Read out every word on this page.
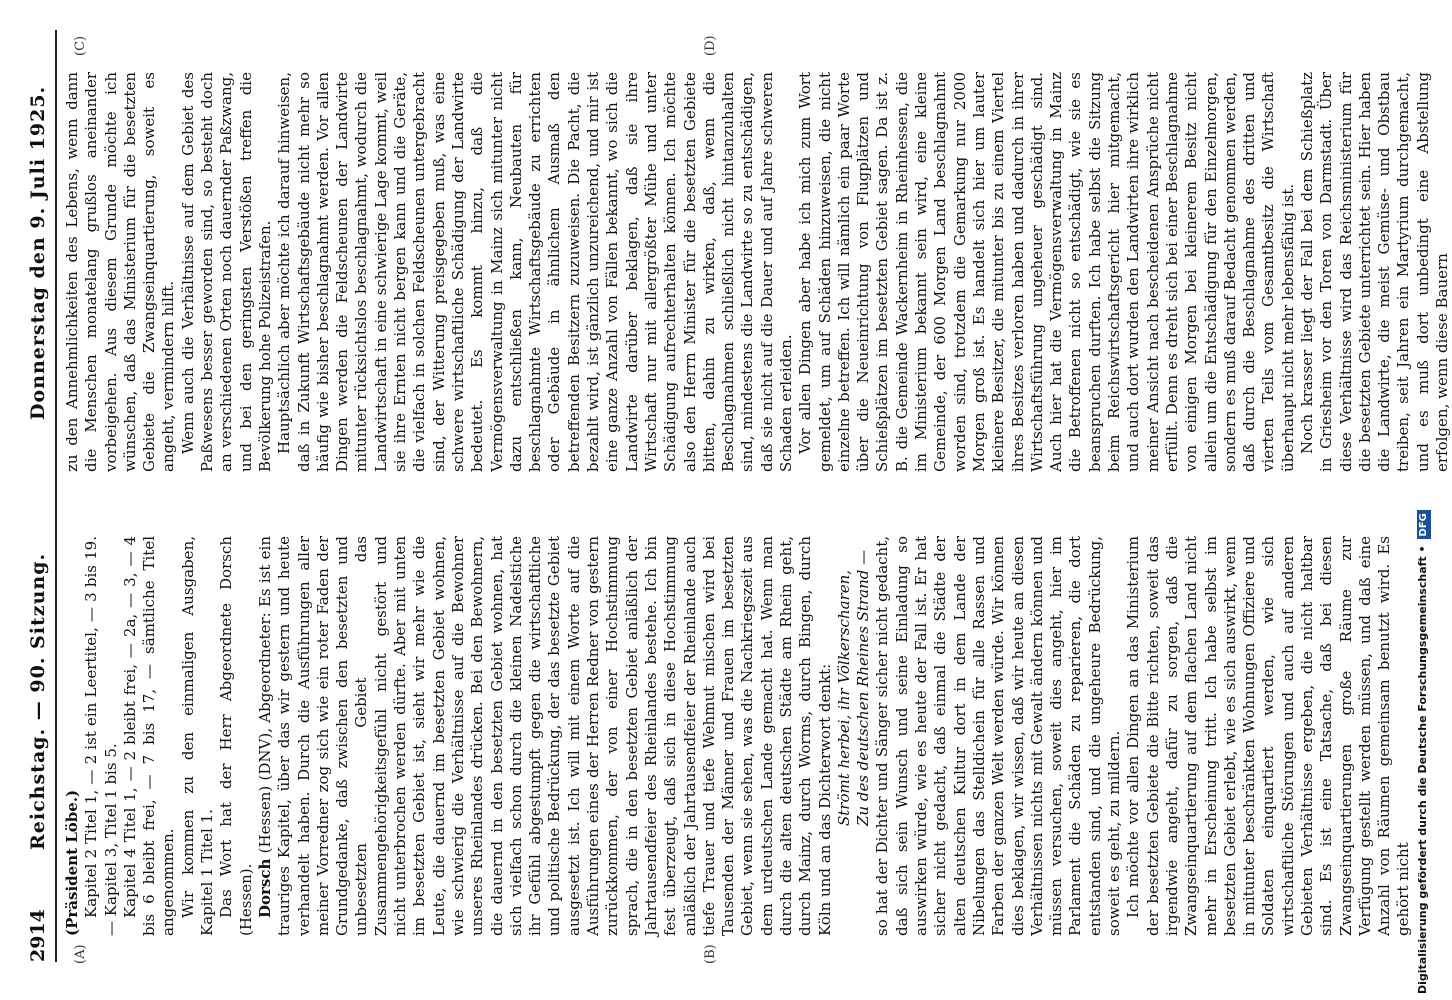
2914
Reichstag. — 90. Sitzung.
Donnerstag den 9. Juli 1925.
(A)	(B)
(C)	(D)

(Präsident Löbe.) Kapitel 2 Titel 1, — 2 ist ein Leertitel, — 3 bis 19. — Kapitel 3, Titel 1 bis 5. Kapitel 4 Titel 1, — 2 bleibt frei, — 2a, — 3, — 4 bis 6 bleibt frei, — 7 bis 17, — sämtliche Titel angenommen. Wir kommen zu den einmaligen Ausgaben, Kapitel 1 Titel 1. Das Wort hat der Herr Abgeordnete Dorsch (Hessen). Dorsch (Hessen) (DNV), Abgeordneter: Es ist ein trauriges Kapitel, über das wir gestern und heute verhandelt haben. Durch die Ausführungen aller meiner Vorredner zog sich wie ein roter Faden der Grundgedanke, daß zwischen den besetzten und unbesetzten Gebiet das Zusammengehörigkeitsgefühl nicht gestört und nicht unterbrochen werden dürfte. Aber mit unten im besetzten Gebiet ist, sieht wir mehr wie die Leute, die dauernd im besetzten Gebiet wohnen, wie schwierig die Verhältnisse auf die Bewohner unseres Rheinlandes drücken. Bei den Bewohnern, die dauernd in den besetzten Gebiet wohnen, hat sich vielfach schon durch die kleinen Nadelstiche ihr Gefühl abgestumpft gegen die wirtschaftliche und politische Bedrückung, der das besetzte Gebiet ausgesetzt ist. Ich will mit einem Worte auf die Ausführungen eines der Herren Redner von gestern zurückkommen, der von einer Hochstimmung sprach, die in den besetzten Gebiet anläßlich der Jahrtausendfeier des Rheinlandes bestehe. Ich bin fest überzeugt, daß sich in diese Hochstimmung anläßlich der Jahrtausendfeier der Rheinlande auch tiefe Trauer und tiefe Wehmut mischen wird bei Tausenden der Männer und Frauen im besetzten Gebiet, wenn sie sehen, was die Nachkriegszeit aus dem urdeutschen Lande gemacht hat. Wenn man durch die alten deutschen Städte am Rhein geht, durch Mainz, durch Worms, durch Bingen, durch Köln und an das Dichterwort denkt: Strömt herbei, ihr Völkerscharen, Zu des deutschen Rheines Strand — so hat der Dichter und Sänger sicher nicht gedacht, daß sich sein Wunsch und seine Einladung so auswirken würde, wie es heute der Fall ist. Er hat sicher nicht gedacht, daß einmal die Städte der alten deutschen Kultur dort in dem Lande der Nibelungen das Stelldichein für alle Rassen und Farben der ganzen Welt werden würde. Wir können dies beklagen, wir wissen, daß wir heute an diesen Verhältnissen nichts mit Gewalt ändern können und müssen versuchen, soweit dies angeht, hier im Parlament die Schäden zu reparieren, die dort entstanden sind, und die ungeheure Bedrückung, soweit es geht, zu mildern. Ich möchte vor allen Dingen an das Ministerium der besetzten Gebiete die Bitte richten, soweit das irgendwie angeht, dafür zu sorgen, daß die Zwangseinquartierung auf dem flachen Land nicht mehr in Erscheinung tritt. Ich habe selbst im besetzten Gebiet erlebt, wie es sich auswirkt, wenn in mitunter beschränkten Wohnungen Offiziere und Soldaten einquartiert werden, wie sich wirtschaftliche Störungen und auch auf anderen Gebieten Verhältnisse ergeben, die nicht haltbar sind. Es ist eine Tatsache, daß bei diesen Zwangseinquartierungen große Räume zur Verfügung gestellt werden müssen, und daß eine Anzahl von Räumen gemeinsam benutzt wird. Es gehört nicht

zu den Annehmlichkeiten des Lebens, wenn dann die Menschen monatelang grußlos aneinander vorbeigehen. Aus diesem Grunde möchte ich wünschen, daß das Ministerium für die besetzten Gebiete die Zwangseinquartierung, soweit es angeht, vermindern hilft. Wenn auch die Verhältnisse auf dem Gebiet des Paßwesens besser geworden sind, so besteht doch an verschiedenen Orten noch dauernder Paßzwang, und bei den geringsten Verstößen treffen die Bevölkerung hohe Polizeistrafen. Hauptsächlich aber möchte ich darauf hinweisen, daß in Zukunft Wirtschaftsgebäude nicht mehr so häufig wie bisher beschlagnahmt werden. Vor allen Dingen werden die Feldscheunen der Landwirte mitunter rücksichtslos beschlagnahmt, wodurch die Landwirtschaft in eine schwierige Lage kommt, weil sie ihre Ernten nicht bergen kann und die Geräte, die vielfach in solchen Feldscheunen untergebracht sind, der Witterung preisgegeben muß, was eine schwere wirtschaftliche Schädigung der Landwirte bedeutet. Es kommt hinzu, daß die Vermögensverwaltung in Mainz sich mitunter nicht dazu entschließen kann, Neubauten für beschlagnahmte Wirtschaftsgebäude zu errichten oder Gebäude in ähnlichem Ausmaß den betreffenden Besitzern zuzuweisen. Die Pacht, die bezahlt wird, ist gänzlich unzureichend, und mir ist eine ganze Anzahl von Fällen bekannt, wo sich die Landwirte darüber beklagen, daß sie ihre Wirtschaft nur mit allergrößter Mühe und unter Schädigung aufrechterhalten können. Ich möchte also den Herrn Minister für die besetzten Gebiete bitten, dahin zu wirken, daß, wenn die Beschlagnahmen schließlich nicht hintanzuhalten sind, mindestens die Landwirte so zu entschädigen, daß sie nicht auf die Dauer und auf Jahre schweren Schaden erleiden. Vor allen Dingen aber habe ich mich zum Wort gemeldet, um auf Schäden hinzuweisen, die nicht einzelne betreffen. Ich will nämlich ein paar Worte über die Neueinrichtung von Flugplätzen und Schießplätzen im besetzten Gebiet sagen. Da ist z. B. die Gemeinde Wackernheim in Rheinhessen, die im Ministerium bekannt sein wird, eine kleine Gemeinde, der 600 Morgen Land beschlagnahmt worden sind, trotzdem die Gemarkung nur 2000 Morgen groß ist. Es handelt sich hier um lauter kleinere Besitzer, die mitunter bis zu einem Viertel ihres Besitzes verloren haben und dadurch in ihrer Wirtschaftsführung ungeheuer geschädigt sind. Auch hier hat die Vermögensverwaltung in Mainz die Betroffenen nicht so entschädigt, wie sie es beanspruchen durften. Ich habe selbst die Sitzung beim Reichswirtschaftsgericht hier mitgemacht, und auch dort wurden den Landwirten ihre wirklich meiner Ansicht nach bescheidenen Ansprüche nicht erfüllt. Denn es dreht sich bei einer Beschlagnahme von einigen Morgen bei kleinerem Besitz nicht allein um die Entschädigung für den Einzelmorgen, sondern es muß darauf Bedacht genommen werden, daß durch die Beschlagnahme des dritten und vierten Teils vom Gesamtbesitz die Wirtschaft überhaupt nicht mehr lebensfähig ist. Noch krasser liegt der Fall bei dem Schießplatz in Griesheim vor den Toren von Darmstadt. Über diese Verhältnisse wird das Reichsministerium für die besetzten Gebiete unterrichtet sein. Hier haben die Landwirte, die meist Gemüse- und Obstbau treiben, seit Jahren ein Martyrium durchgemacht, und es muß dort unbedingt eine Abstellung erfolgen, wenn diese Bauern

Digitalisierung gefördert durch die Deutsche Forschungsgemeinschaft •DFG
